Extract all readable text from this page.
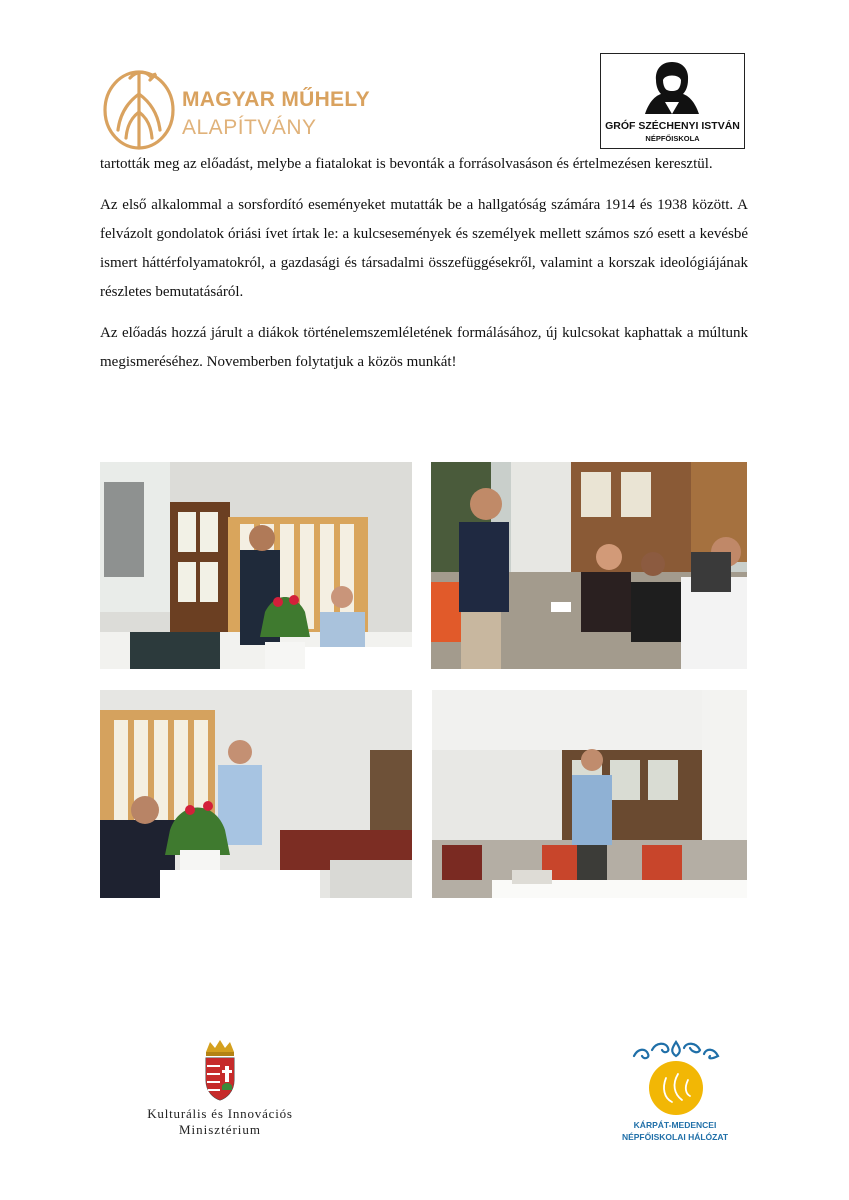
MAGYAR MŰHELY
ALAPÍTVÁNY	GRÓF SZÉCHENYI ISTVÁN
NÉPFŐISKOLA

tartották meg az előadást, melybe a fiatalokat is bevonták a forrásolvasáson és értelmezésen keresztül.

Az első alkalommal a sorsfordító eseményeket mutatták be a hallgatóság számára 1914 és 1938 között. A felvázolt gondolatok óriási ívet írtak le: a kulcsesemények és személyek mellett számos szó esett a kevésbé ismert háttérfolyamatokról, a gazdasági és társadalmi összefüggésekről, valamint a korszak ideológiájának részletes bemutatásáról.

Az előadás hozzá járult a diákok történelemszemléletének formálásához, új kulcsokat kaphattak a múltunk megismeréséhez. Novemberben folytatjuk a közös munkát!

Kulturális és Innovációs
Minisztérium	KÁRPÁT-MEDENCEI
NÉPFŐISKOLAI HÁLÓZAT
